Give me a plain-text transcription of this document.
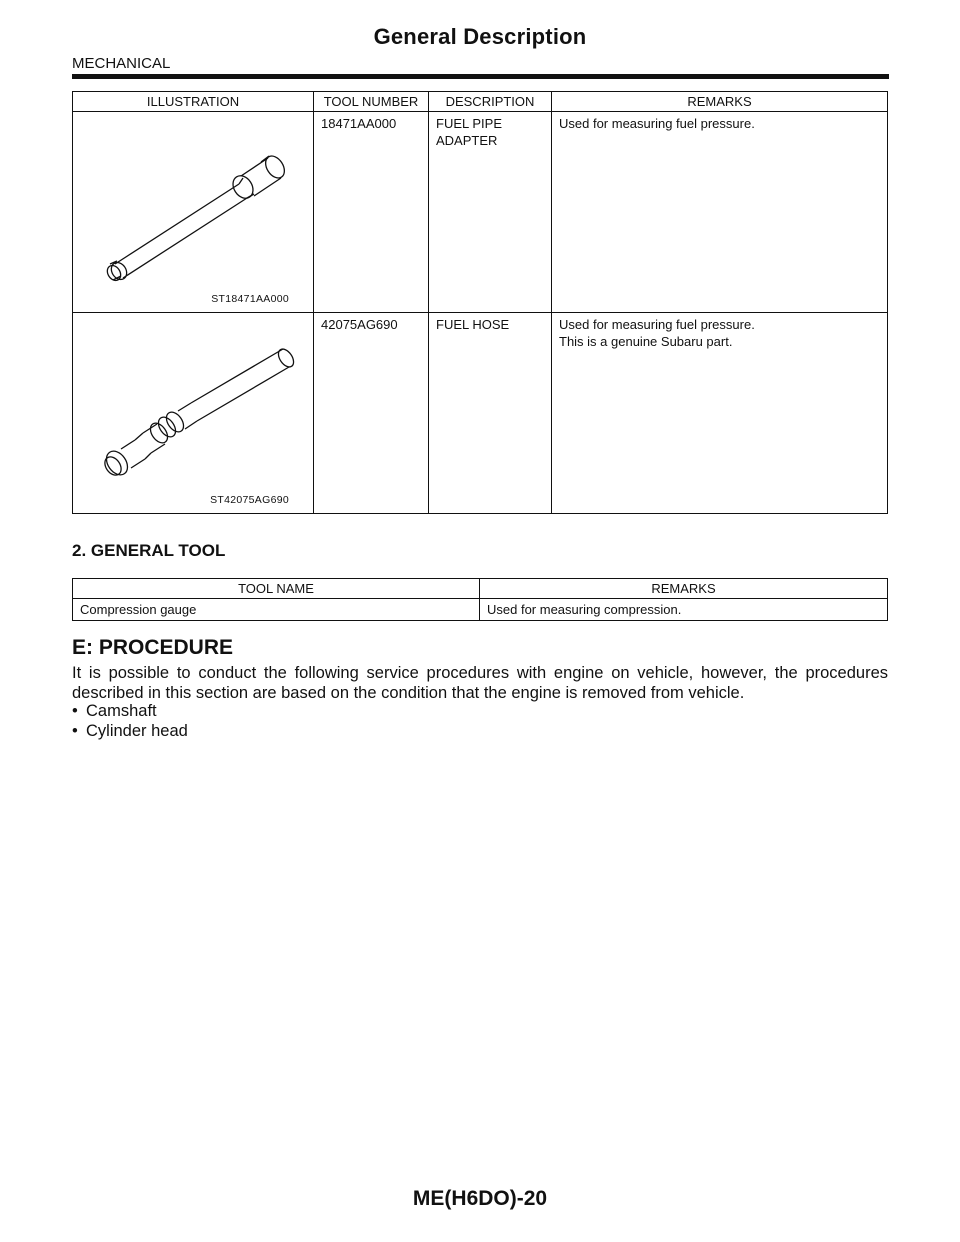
General Description
MECHANICAL
ILLUSTRATION	TOOL NUMBER	DESCRIPTION	REMARKS

ST18471AA000	18471AA000	FUEL PIPE ADAPTER	Used for measuring fuel pressure.

ST42075AG690	42075AG690	FUEL HOSE	Used for measuring fuel pressure.
This is a genuine Subaru part.
2. GENERAL TOOL
TOOL NAME	REMARKS
Compression gauge	Used for measuring compression.
E: PROCEDURE
It is possible to conduct the following service procedures with engine on vehicle, however, the procedures described in this section are based on the condition that the engine is removed from vehicle.
• Camshaft
• Cylinder head
ME(H6DO)-20
